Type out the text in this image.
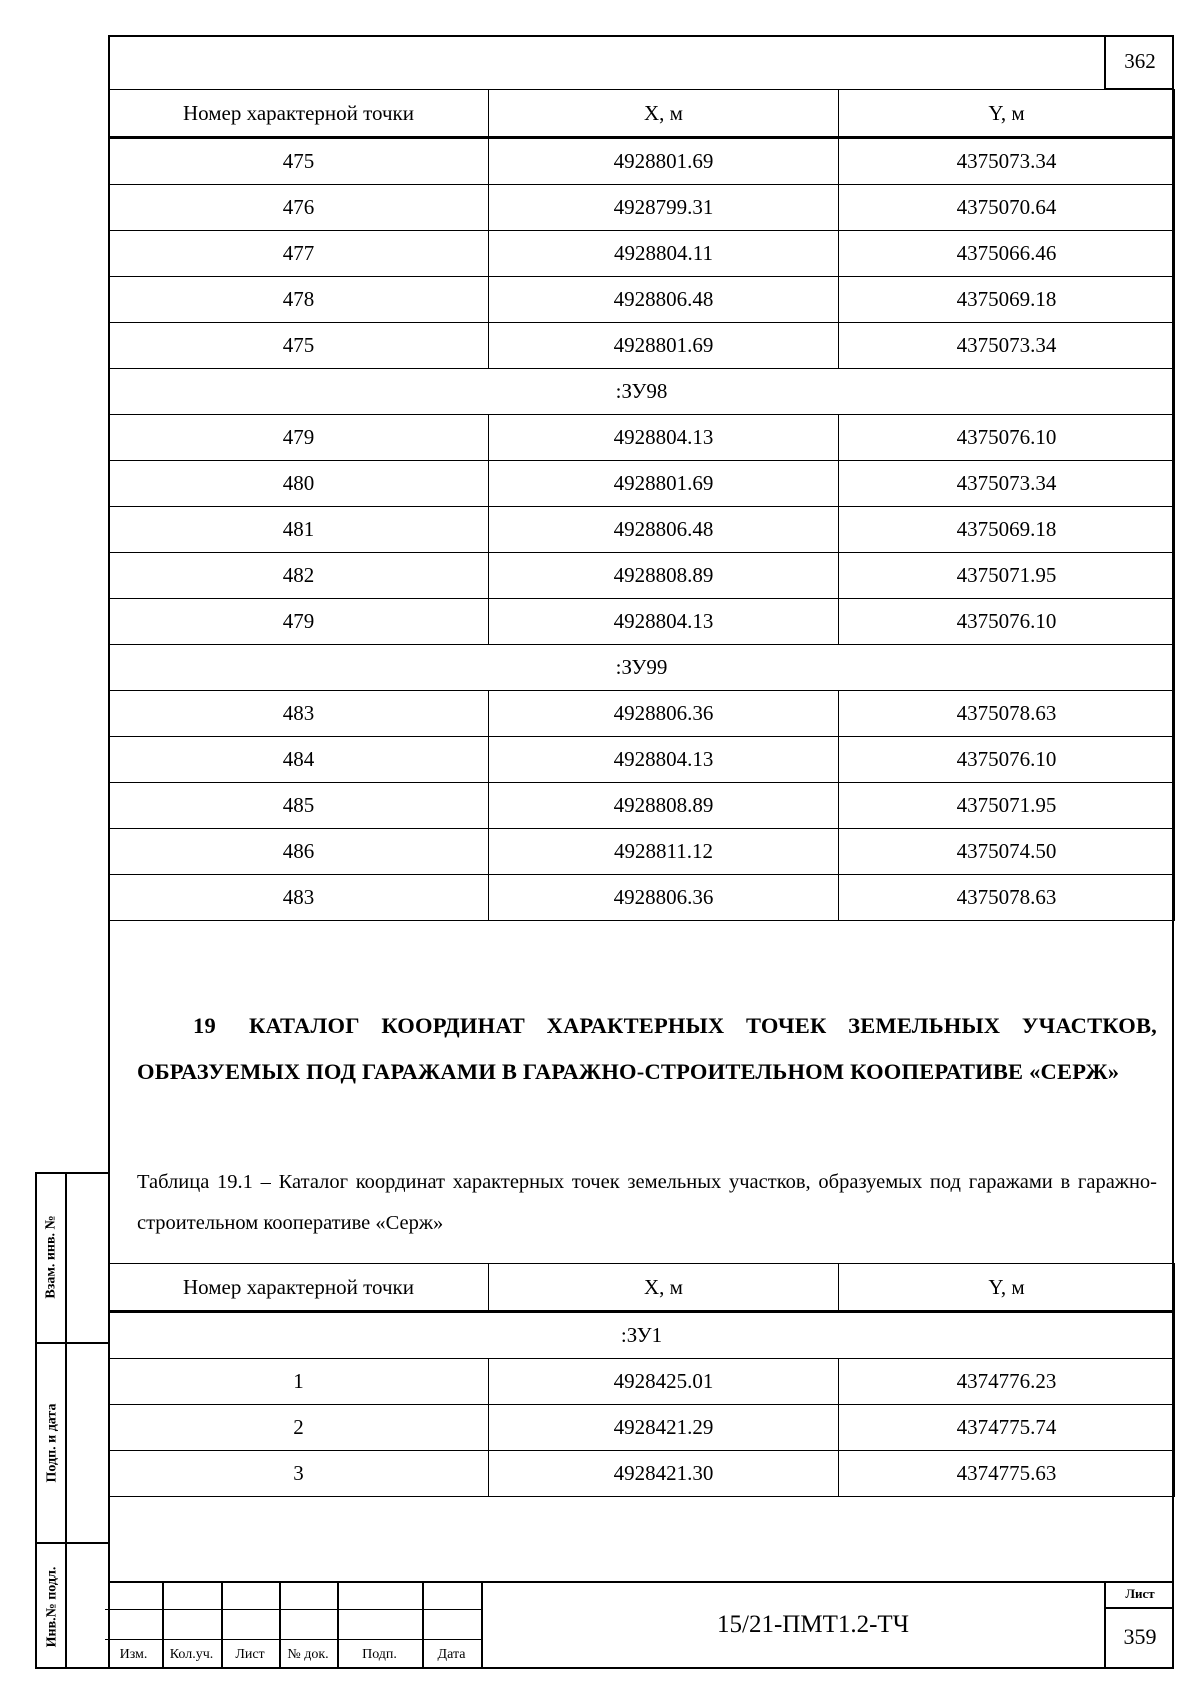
362
Номер характерной точки	X, м	Y, м
475	4928801.69	4375073.34
476	4928799.31	4375070.64
477	4928804.11	4375066.46
478	4928806.48	4375069.18
475	4928801.69	4375073.34
:ЗУ98		
479	4928804.13	4375076.10
480	4928801.69	4375073.34
481	4928806.48	4375069.18
482	4928808.89	4375071.95
479	4928804.13	4375076.10
:ЗУ99		
483	4928806.36	4375078.63
484	4928804.13	4375076.10
485	4928808.89	4375071.95
486	4928811.12	4375074.50
483	4928806.36	4375078.63
19 КАТАЛОГ КООРДИНАТ ХАРАКТЕРНЫХ ТОЧЕК ЗЕМЕЛЬНЫХ УЧАСТКОВ, ОБРАЗУЕМЫХ ПОД ГАРАЖАМИ В ГАРАЖНО-СТРОИТЕЛЬНОМ КООПЕРАТИВЕ «СЕРЖ»
Таблица 19.1 – Каталог координат характерных точек земельных участков, образуемых под гаражами в гаражно-строительном кооперативе «Серж»
Номер характерной точки	X, м	Y, м
:ЗУ1		
1	4928425.01	4374776.23
2	4928421.29	4374775.74
3	4928421.30	4374775.63
Взам. инв. №
Подп. и дата
Инв.№ подл.
Изм.	Кол.уч.	Лист	№ док.	Подп.	Дата
15/21-ПМТ1.2-ТЧ
Лист
359
